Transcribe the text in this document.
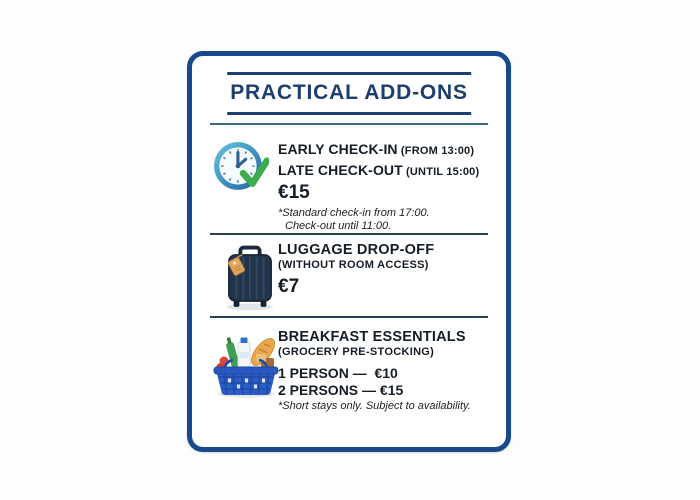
PRACTICAL ADD-ONS
EARLY CHECK-IN (FROM 13:00)
LATE CHECK-OUT (UNTIL 15:00)
€15
*Standard check-in from 17:00.
Check-out until 11:00.
LUGGAGE DROP-OFF
(WITHOUT ROOM ACCESS)
€7
BREAKFAST ESSENTIALS
(GROCERY PRE-STOCKING)
1 PERSON —  €10
2 PERSONS — €15
*Short stays only. Subject to availability.
